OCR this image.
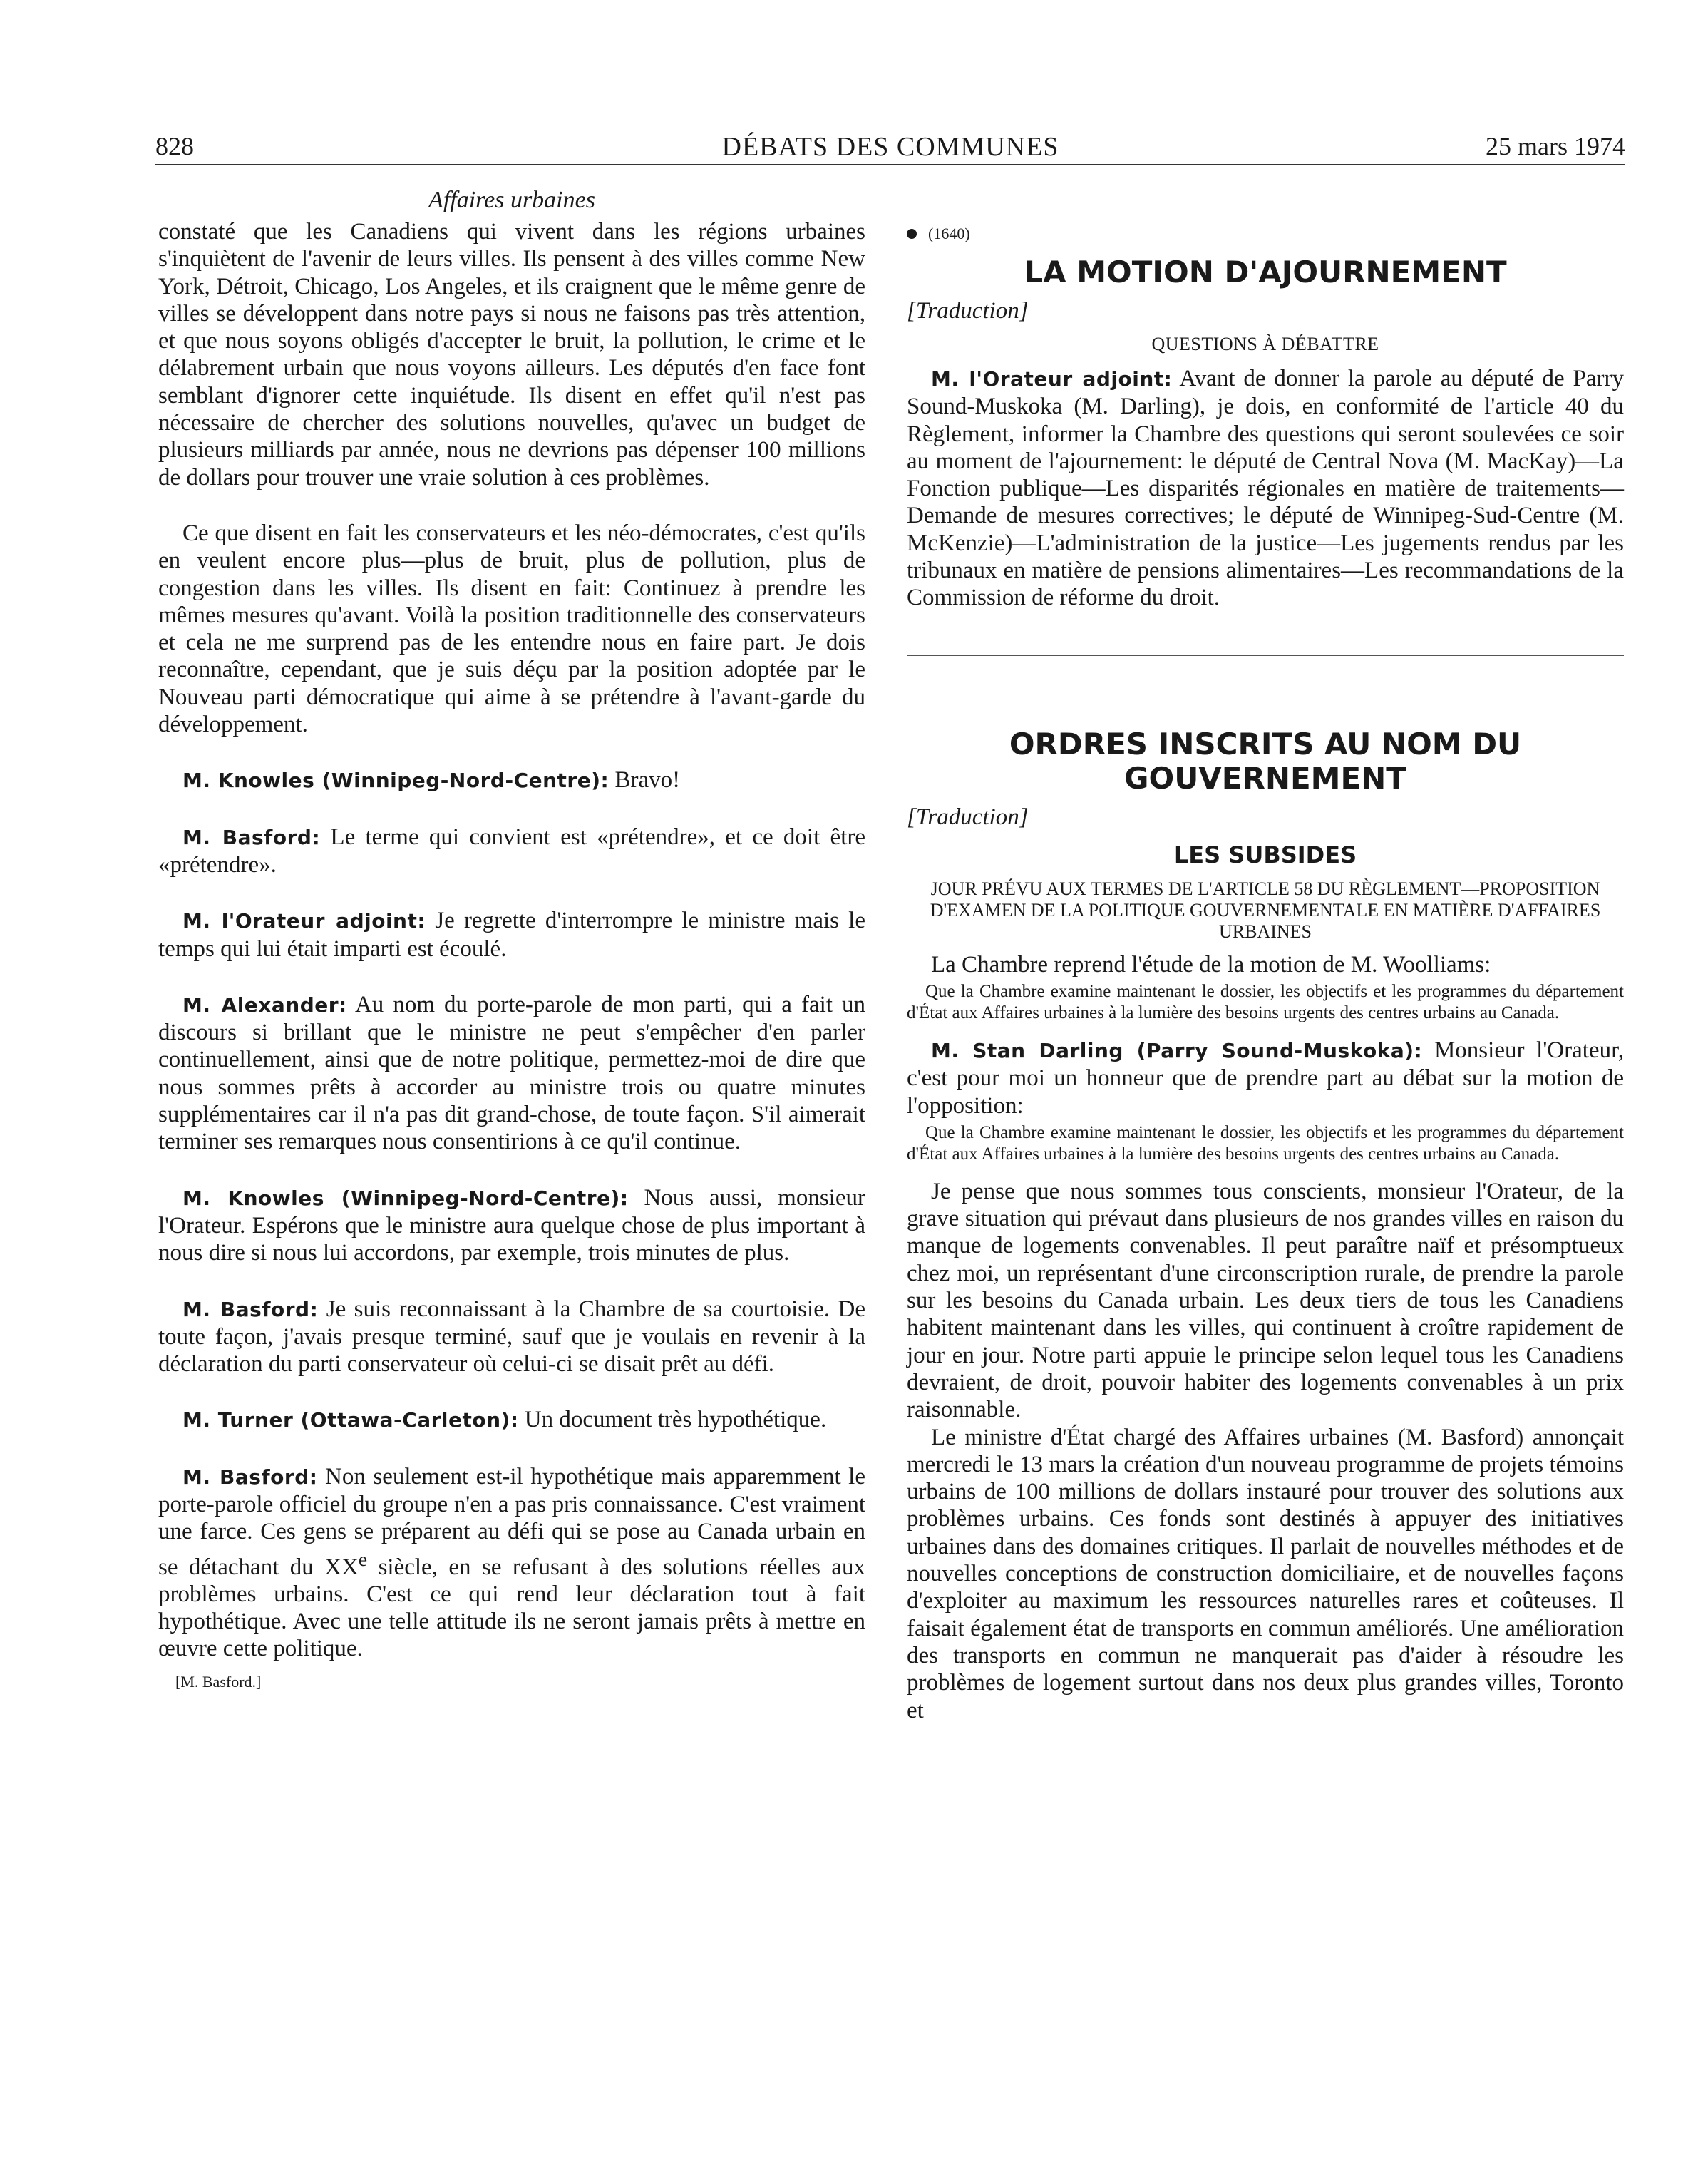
828	DÉBATS DES COMMUNES	25 mars 1974
Affaires urbaines

constaté que les Canadiens qui vivent dans les régions urbaines s'inquiètent de l'avenir de leurs villes. Ils pensent à des villes comme New York, Détroit, Chicago, Los Angeles, et ils craignent que le même genre de villes se développent dans notre pays si nous ne faisons pas très attention, et que nous soyons obligés d'accepter le bruit, la pollution, le crime et le délabrement urbain que nous voyons ailleurs. Les députés d'en face font semblant d'ignorer cette inquiétude. Ils disent en effet qu'il n'est pas nécessaire de chercher des solutions nouvelles, qu'avec un budget de plusieurs milliards par année, nous ne devrions pas dépenser 100 millions de dollars pour trouver une vraie solution à ces problèmes.

Ce que disent en fait les conservateurs et les néo-démocrates, c'est qu'ils en veulent encore plus—plus de bruit, plus de pollution, plus de congestion dans les villes. Ils disent en fait: Continuez à prendre les mêmes mesures qu'avant. Voilà la position traditionnelle des conservateurs et cela ne me surprend pas de les entendre nous en faire part. Je dois reconnaître, cependant, que je suis déçu par la position adoptée par le Nouveau parti démocratique qui aime à se prétendre à l'avant-garde du développement.

M. Knowles (Winnipeg-Nord-Centre): Bravo!

M. Basford: Le terme qui convient est «prétendre», et ce doit être «prétendre».

M. l'Orateur adjoint: Je regrette d'interrompre le ministre mais le temps qui lui était imparti est écoulé.

M. Alexander: Au nom du porte-parole de mon parti, qui a fait un discours si brillant que le ministre ne peut s'empêcher d'en parler continuellement, ainsi que de notre politique, permettez-moi de dire que nous sommes prêts à accorder au ministre trois ou quatre minutes supplémentaires car il n'a pas dit grand-chose, de toute façon. S'il aimerait terminer ses remarques nous consentirions à ce qu'il continue.

M. Knowles (Winnipeg-Nord-Centre): Nous aussi, monsieur l'Orateur. Espérons que le ministre aura quelque chose de plus important à nous dire si nous lui accordons, par exemple, trois minutes de plus.

M. Basford: Je suis reconnaissant à la Chambre de sa courtoisie. De toute façon, j'avais presque terminé, sauf que je voulais en revenir à la déclaration du parti conservateur où celui-ci se disait prêt au défi.

M. Turner (Ottawa-Carleton): Un document très hypothétique.

M. Basford: Non seulement est-il hypothétique mais apparemment le porte-parole officiel du groupe n'en a pas pris connaissance. C'est vraiment une farce. Ces gens se préparent au défi qui se pose au Canada urbain en se détachant du XXe siècle, en se refusant à des solutions réelles aux problèmes urbains. C'est ce qui rend leur déclaration tout à fait hypothétique. Avec une telle attitude ils ne seront jamais prêts à mettre en œuvre cette politique.

[M. Basford.]
(1640)
LA MOTION D'AJOURNEMENT
[Traduction]
QUESTIONS À DÉBATTRE

M. l'Orateur adjoint: Avant de donner la parole au député de Parry Sound-Muskoka (M. Darling), je dois, en conformité de l'article 40 du Règlement, informer la Chambre des questions qui seront soulevées ce soir au moment de l'ajournement: le député de Central Nova (M. MacKay)—La Fonction publique—Les disparités régionales en matière de traitements—Demande de mesures correctives; le député de Winnipeg-Sud-Centre (M. McKenzie)—L'administration de la justice—Les jugements rendus par les tribunaux en matière de pensions alimentaires—Les recommandations de la Commission de réforme du droit.

ORDRES INSCRITS AU NOM DU GOUVERNEMENT
[Traduction]
LES SUBSIDES
JOUR PRÉVU AUX TERMES DE L'ARTICLE 58 DU RÈGLEMENT—PROPOSITION D'EXAMEN DE LA POLITIQUE GOUVERNEMENTALE EN MATIÈRE D'AFFAIRES URBAINES

La Chambre reprend l'étude de la motion de M. Woolliams:

Que la Chambre examine maintenant le dossier, les objectifs et les programmes du département d'État aux Affaires urbaines à la lumière des besoins urgents des centres urbains au Canada.

M. Stan Darling (Parry Sound-Muskoka): Monsieur l'Orateur, c'est pour moi un honneur que de prendre part au débat sur la motion de l'opposition:

Que la Chambre examine maintenant le dossier, les objectifs et les programmes du département d'État aux Affaires urbaines à la lumière des besoins urgents des centres urbains au Canada.

Je pense que nous sommes tous conscients, monsieur l'Orateur, de la grave situation qui prévaut dans plusieurs de nos grandes villes en raison du manque de logements convenables. Il peut paraître naïf et présomptueux chez moi, un représentant d'une circonscription rurale, de prendre la parole sur les besoins du Canada urbain. Les deux tiers de tous les Canadiens habitent maintenant dans les villes, qui continuent à croître rapidement de jour en jour. Notre parti appuie le principe selon lequel tous les Canadiens devraient, de droit, pouvoir habiter des logements convenables à un prix raisonnable.

Le ministre d'État chargé des Affaires urbaines (M. Basford) annonçait mercredi le 13 mars la création d'un nouveau programme de projets témoins urbains de 100 millions de dollars instauré pour trouver des solutions aux problèmes urbains. Ces fonds sont destinés à appuyer des initiatives urbaines dans des domaines critiques. Il parlait de nouvelles méthodes et de nouvelles conceptions de construction domiciliaire, et de nouvelles façons d'exploiter au maximum les ressources naturelles rares et coûteuses. Il faisait également état de transports en commun améliorés. Une amélioration des transports en commun ne manquerait pas d'aider à résoudre les problèmes de logement surtout dans nos deux plus grandes villes, Toronto et
